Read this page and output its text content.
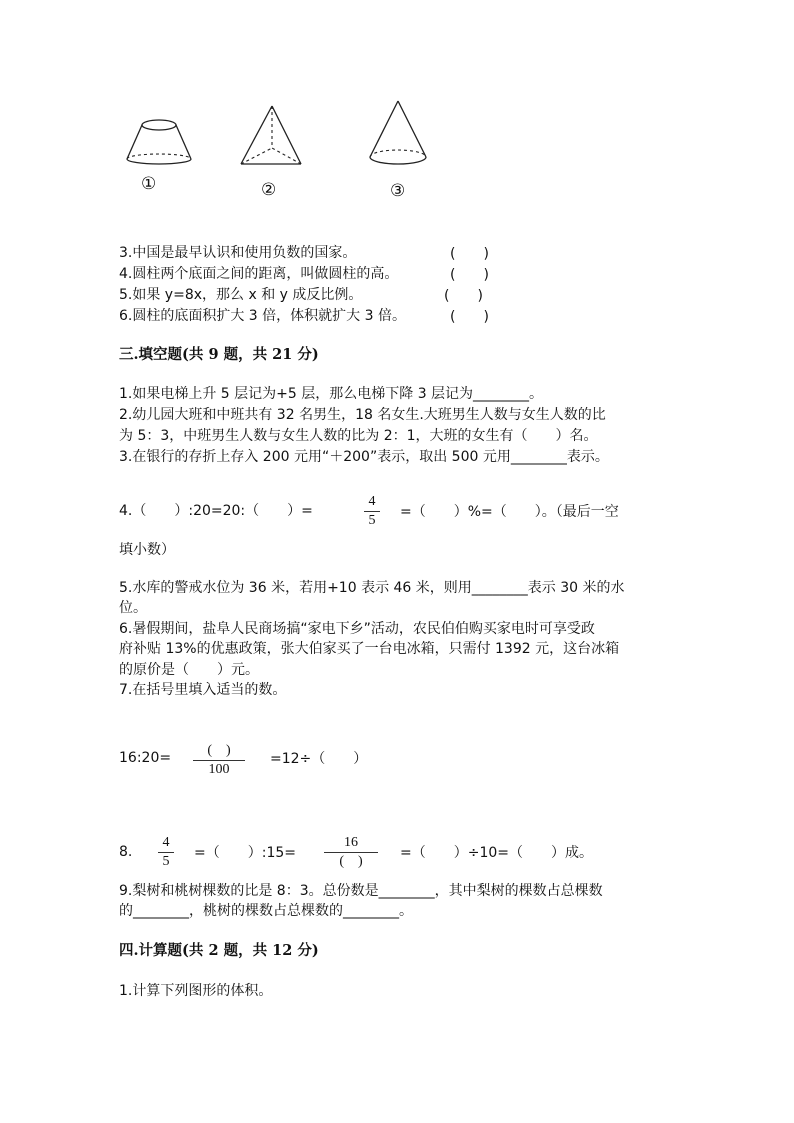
①	②	③
3.中国是最早认识和使用负数的国家。	(　　)
4.圆柱两个底面之间的距离，叫做圆柱的高。	(　　)
5.如果 y=8x，那么 x 和 y 成反比例。	(　　)
6.圆柱的底面积扩大 3 倍，体积就扩大 3 倍。	(　　)
三.填空题(共 9 题，共 21 分)
1.如果电梯上升 5 层记为+5 层，那么电梯下降 3 层记为________。
2.幼儿园大班和中班共有 32 名男生，18 名女生.大班男生人数与女生人数的比
为 5：3，中班男生人数与女生人数的比为 2：1，大班的女生有（　　）名。
3.在银行的存折上存入 200 元用“＋200”表示，取出 500 元用________表示。
4.（　　）:20=20:（　　）=
4
5
=（　　）%=（　　）。（最后一空
填小数）
5.水库的警戒水位为 36 米，若用+10 表示 46 米，则用________表示 30 米的水
位。
6.暑假期间，盐阜人民商场搞“家电下乡”活动，农民伯伯购买家电时可享受政
府补贴 13%的优惠政策，张大伯家买了一台电冰箱，只需付 1392 元，这台冰箱
的原价是（　　）元。
7.在括号里填入适当的数。
16:20=	(　)
100
=12÷（　　）
8.
4
5
=（　　）:15=
16
(　)
=（　　）÷10=（　　）成。
9.梨树和桃树棵数的比是 8：3。总份数是________，其中梨树的棵数占总棵数
的________，桃树的棵数占总棵数的________。
四.计算题(共 2 题，共 12 分)
1.计算下列图形的体积。
